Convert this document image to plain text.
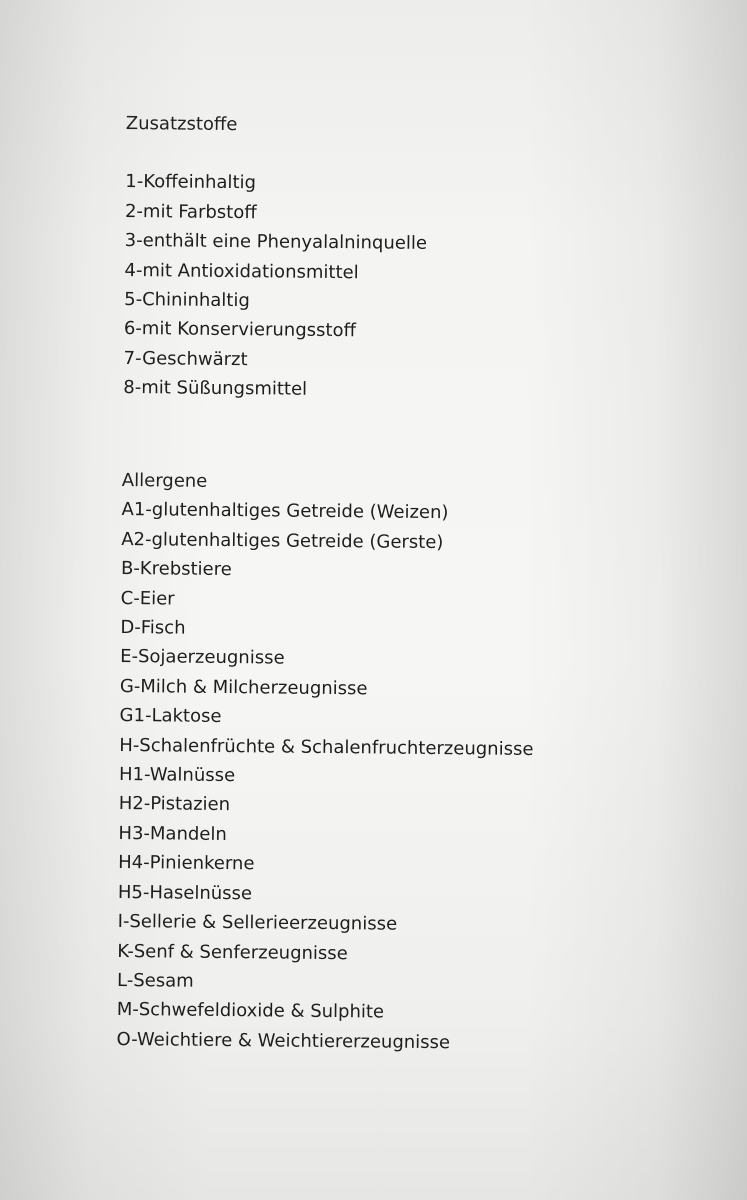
Zusatzstoffe
1-Koffeinhaltig
2-mit Farbstoff
3-enthält eine Phenyalalninquelle
4-mit Antioxidationsmittel
5-Chininhaltig
6-mit Konservierungsstoff
7-Geschwärzt
8-mit Süßungsmittel
Allergene
A1-glutenhaltiges Getreide (Weizen)
A2-glutenhaltiges Getreide (Gerste)
B-Krebstiere
C-Eier
D-Fisch
E-Sojaerzeugnisse
G-Milch & Milcherzeugnisse
G1-Laktose
H-Schalenfrüchte & Schalenfruchterzeugnisse
H1-Walnüsse
H2-Pistazien
H3-Mandeln
H4-Pinienkerne
H5-Haselnüsse
I-Sellerie & Sellerieerzeugnisse
K-Senf & Senferzeugnisse
L-Sesam
M-Schwefeldioxide & Sulphite
O-Weichtiere & Weichtiererzeugnisse
